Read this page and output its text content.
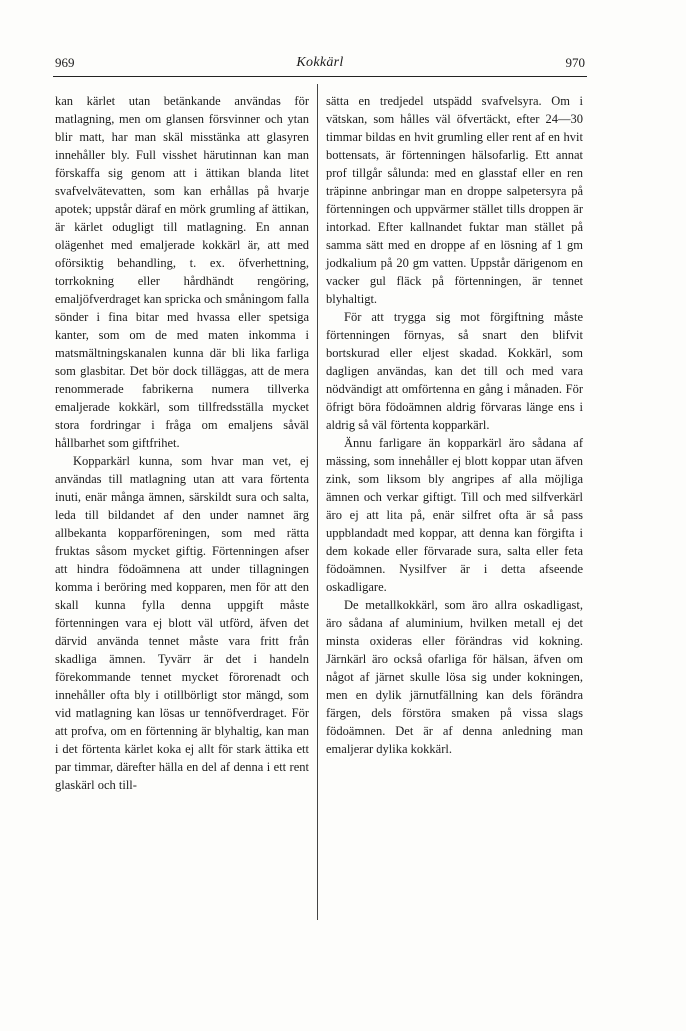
969	Kokkärl	970

kan kärlet utan betänkande användas för matlagning, men om glansen försvinner och ytan blir matt, har man skäl misstänka att glasyren innehåller bly. Full visshet härutinnan kan man förskaffa sig genom att i ättikan blanda litet svafvelvätevatten, som kan erhållas på hvarje apotek; uppstår däraf en mörk grumling af ättikan, är kärlet odugligt till matlagning. En annan olägenhet med emaljerade kokkärl är, att med oförsiktig behandling, t. ex. öfverhettning, torrkokning eller hårdhändt rengöring, emaljöfverdraget kan spricka och småningom falla sönder i fina bitar med hvassa eller spetsiga kanter, som om de med maten inkomma i matsmältningskanalen kunna där bli lika farliga som glasbitar. Det bör dock tilläggas, att de mera renommerade fabrikerna numera tillverka emaljerade kokkärl, som tillfredsställa mycket stora fordringar i fråga om emaljens såväl hållbarhet som giftfrihet.

Kopparkärl kunna, som hvar man vet, ej användas till matlagning utan att vara förtenta inuti, enär många ämnen, särskildt sura och salta, leda till bildandet af den under namnet ärg allbekanta kopparföreningen, som med rätta fruktas såsom mycket giftig. Förtenningen afser att hindra födoämnena att under tillagningen komma i beröring med kopparen, men för att den skall kunna fylla denna uppgift måste förtenningen vara ej blott väl utförd, äfven det därvid använda tennet måste vara fritt från skadliga ämnen. Tyvärr är det i handeln förekommande tennet mycket förorenadt och innehåller ofta bly i otillbörligt stor mängd, som vid matlagning kan lösas ur tennöfverdraget. För att profva, om en förtenning är blyhaltig, kan man i det förtenta kärlet koka ej allt för stark ättika ett par timmar, därefter hälla en del af denna i ett rent glaskärl och till-

sätta en tredjedel utspädd svafvelsyra. Om i vätskan, som hålles väl öfvertäckt, efter 24—30 timmar bildas en hvit grumling eller rent af en hvit bottensats, är förtenningen hälsofarlig. Ett annat prof tillgår sålunda: med en glasstaf eller en ren träpinne anbringar man en droppe salpetersyra på förtenningen och uppvärmer stället tills droppen är intorkad. Efter kallnandet fuktar man stället på samma sätt med en droppe af en lösning af 1 gm jodkalium på 20 gm vatten. Uppstår därigenom en vacker gul fläck på förtenningen, är tennet blyhaltigt.

För att trygga sig mot förgiftning måste förtenningen förnyas, så snart den blifvit bortskurad eller eljest skadad. Kokkärl, som dagligen användas, kan det till och med vara nödvändigt att omförtenna en gång i månaden. För öfrigt böra födoämnen aldrig förvaras länge ens i aldrig så väl förtenta kopparkärl.

Ännu farligare än kopparkärl äro sådana af mässing, som innehåller ej blott koppar utan äfven zink, som liksom bly angripes af alla möjliga ämnen och verkar giftigt. Till och med silfverkärl äro ej att lita på, enär silfret ofta är så pass uppblandadt med koppar, att denna kan förgifta i dem kokade eller förvarade sura, salta eller feta födoämnen. Nysilfver är i detta afseende oskadligare.

De metallkokkärl, som äro allra oskadligast, äro sådana af aluminium, hvilken metall ej det minsta oxideras eller förändras vid kokning. Järnkärl äro också ofarliga för hälsan, äfven om något af järnet skulle lösa sig under kokningen, men en dylik järnutfällning kan dels förändra färgen, dels förstöra smaken på vissa slags födoämnen. Det är af denna anledning man emaljerar dylika kokkärl.
